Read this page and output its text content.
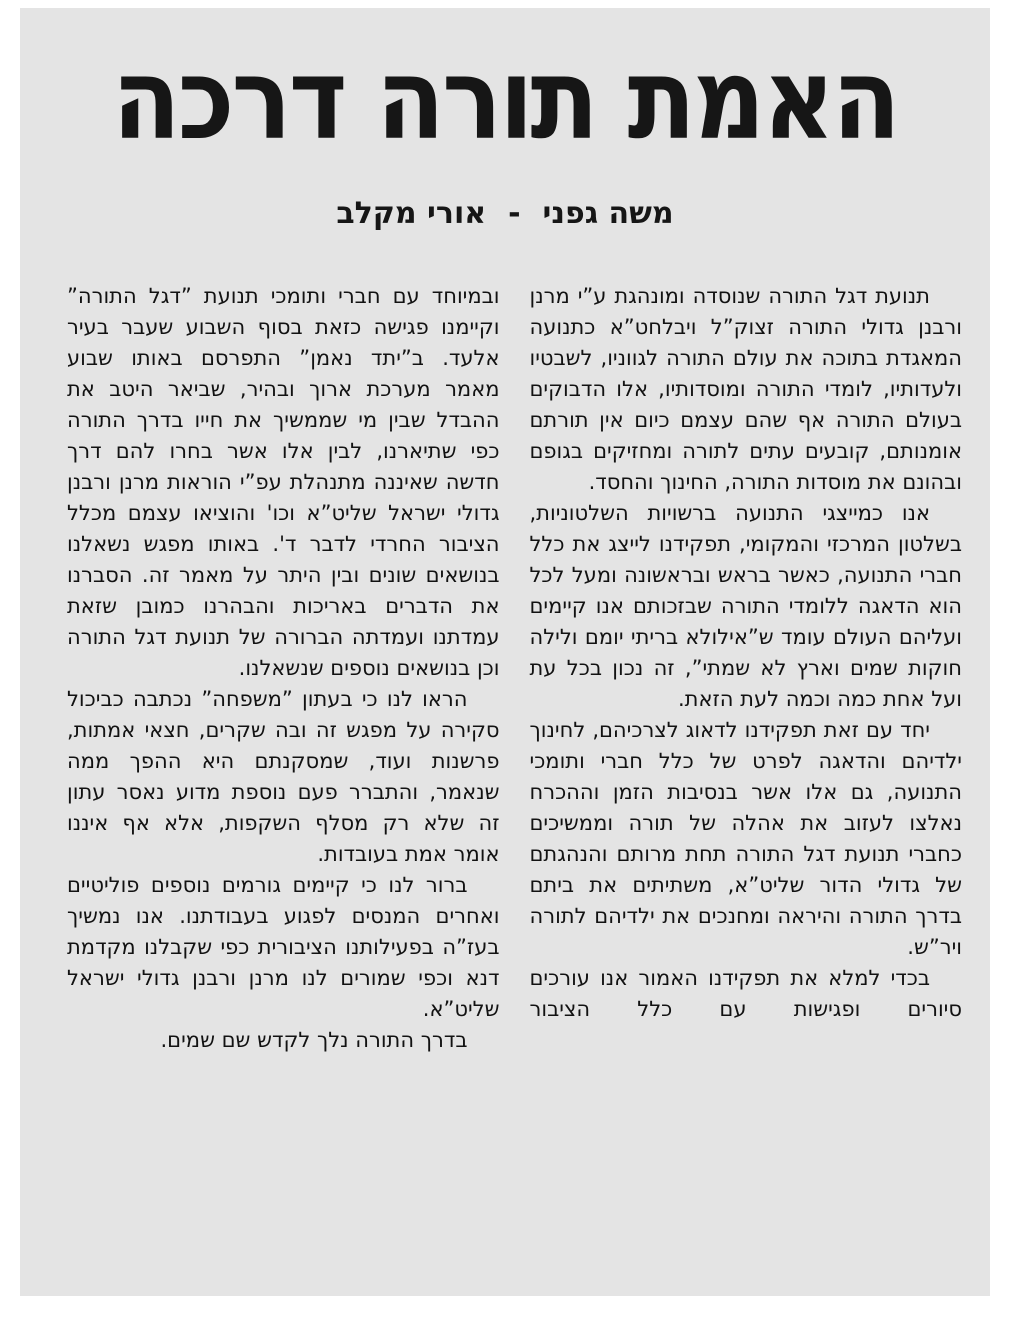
האמת תורה דרכה
משה גפני-אורי מקלב

תנועת דגל התורה שנוסדה ומונהגת ע”י מרנן ורבנן גדולי התורה זצוק”ל ויבלחט”א כתנועה המאגדת בתוכה את עולם התורה לגווניו, לשבטיו ולעדותיו, לומדי התורה ומוסדותיו, אלו הדבוקים בעולם התורה אף שהם עצמם כיום אין תורתם אומנותם, קובעים עתים לתורה ומחזיקים בגופם ובהונם את מוסדות התורה, החינוך והחסד.

אנו כמייצגי התנועה ברשויות השלטוניות, בשלטון המרכזי והמקומי, תפקידנו לייצג את כלל חברי התנועה, כאשר בראש ובראשונה ומעל לכל הוא הדאגה ללומדי התורה שבזכותם אנו קיימים ועליהם העולם עומד ש”אילולא בריתי יומם ולילה חוקות שמים וארץ לא שמתי”, זה נכון בכל עת ועל אחת כמה וכמה לעת הזאת.

יחד עם זאת תפקידנו לדאוג לצרכיהם, לחינוך ילדיהם והדאגה לפרט של כלל חברי ותומכי התנועה, גם אלו אשר בנסיבות הזמן וההכרח נאלצו לעזוב את אהלה של תורה וממשיכים כחברי תנועת דגל התורה תחת מרותם והנהגתם של גדולי הדור שליט”א, משתיתים את ביתם בדרך התורה והיראה ומחנכים את ילדיהם לתורה ויר”ש.

בכדי למלא את תפקידנו האמור אנו עורכים סיורים ופגישות עם כלל הציבור

ובמיוחד עם חברי ותומכי תנועת ”דגל התורה” וקיימנו פגישה כזאת בסוף השבוע שעבר בעיר אלעד. ב”יתד נאמן” התפרסם באותו שבוע מאמר מערכת ארוך ובהיר, שביאר היטב את ההבדל שבין מי שממשיך את חייו בדרך התורה כפי שתיארנו, לבין אלו אשר בחרו להם דרך חדשה שאיננה מתנהלת עפ”י הוראות מרנן ורבנן גדולי ישראל שליט”א וכו' והוציאו עצמם מכלל הציבור החרדי לדבר ד'. באותו מפגש נשאלנו בנושאים שונים ובין היתר על מאמר זה. הסברנו את הדברים באריכות והבהרנו כמובן שזאת עמדתנו ועמדתה הברורה של תנועת דגל התורה וכן בנושאים נוספים שנשאלנו.

הראו לנו כי בעתון ”משפחה” נכתבה כביכול סקירה על מפגש זה ובה שקרים, חצאי אמתות, פרשנות ועוד, שמסקנתם היא ההפך ממה שנאמר, והתברר פעם נוספת מדוע נאסר עתון זה שלא רק מסלף השקפות, אלא אף איננו אומר אמת בעובדות.

ברור לנו כי קיימים גורמים נוספים פוליטיים ואחרים המנסים לפגוע בעבודתנו. אנו נמשיך בעז”ה בפעילותנו הציבורית כפי שקבלנו מקדמת דנא וכפי שמורים לנו מרנן ורבנן גדולי ישראל שליט”א.

בדרך התורה נלך לקדש שם שמים.
